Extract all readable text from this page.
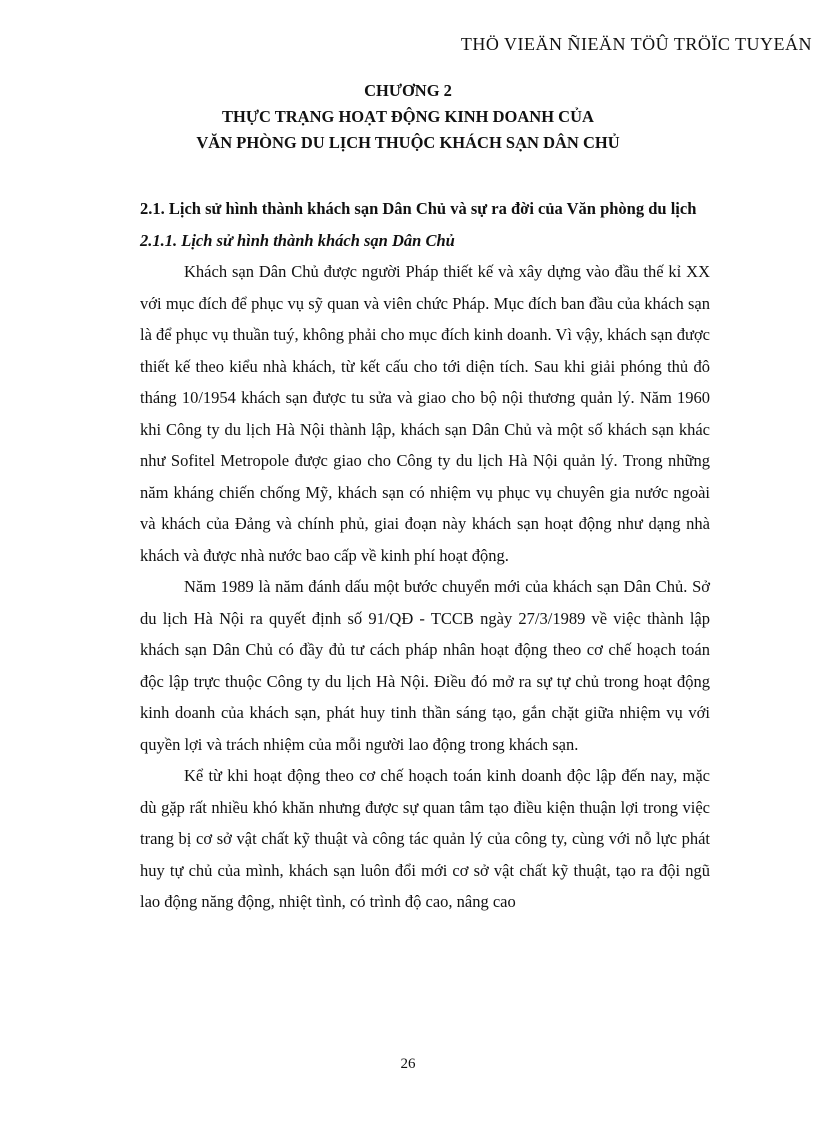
THÖ VIEÄN ÑIEÄN TÖÛ TRÖÏC TUYEÁN
CHƯƠNG 2
THỰC TRẠNG HOẠT ĐỘNG KINH DOANH CỦA
VĂN PHÒNG DU LỊCH THUỘC KHÁCH SẠN DÂN CHỦ

2.1. Lịch sử hình thành khách sạn Dân Chủ và sự ra đời của Văn phòng du lịch

2.1.1. Lịch sử hình thành khách sạn Dân Chủ

Khách sạn Dân Chủ được người Pháp thiết kế và xây dựng vào đầu thế kỉ XX với mục đích để phục vụ sỹ quan và viên chức Pháp. Mục đích ban đầu của khách sạn là để phục vụ thuần tuý, không phải cho mục đích kinh doanh. Vì vậy, khách sạn được thiết kế theo kiểu nhà khách, từ kết cấu cho tới diện tích. Sau khi giải phóng thủ đô tháng 10/1954 khách sạn được tu sửa và giao cho bộ nội thương quản lý. Năm 1960 khi Công ty du lịch Hà Nội thành lập, khách sạn Dân Chủ và một số khách sạn khác như Sofitel Metropole được giao cho Công ty du lịch Hà Nội quản lý. Trong những năm kháng chiến chống Mỹ, khách sạn có nhiệm vụ phục vụ chuyên gia nước ngoài và khách của Đảng và chính phủ, giai đoạn này khách sạn hoạt động như dạng nhà khách và được nhà nước bao cấp về kinh phí hoạt động.

Năm 1989 là năm đánh dấu một bước chuyển mới của khách sạn Dân Chủ. Sở du lịch Hà Nội ra quyết định số 91/QĐ - TCCB ngày 27/3/1989 về việc thành lập khách sạn Dân Chủ có đầy đủ tư cách pháp nhân hoạt động theo cơ chế hoạch toán độc lập trực thuộc Công ty du lịch Hà Nội. Điều đó mở ra sự tự chủ trong hoạt động kinh doanh của khách sạn, phát huy tinh thần sáng tạo, gắn chặt giữa nhiệm vụ với quyền lợi và trách nhiệm của mỗi người lao động trong khách sạn.

Kể từ khi hoạt động theo cơ chế hoạch toán kinh doanh độc lập đến nay, mặc dù gặp rất nhiều khó khăn nhưng được sự quan tâm tạo điều kiện thuận lợi trong việc trang bị cơ sở vật chất kỹ thuật và công tác quản lý của công ty, cùng với nỗ lực phát huy tự chủ của mình, khách sạn luôn đổi mới cơ sở vật chất kỹ thuật, tạo ra đội ngũ lao động năng động, nhiệt tình, có trình độ cao, nâng cao

26
